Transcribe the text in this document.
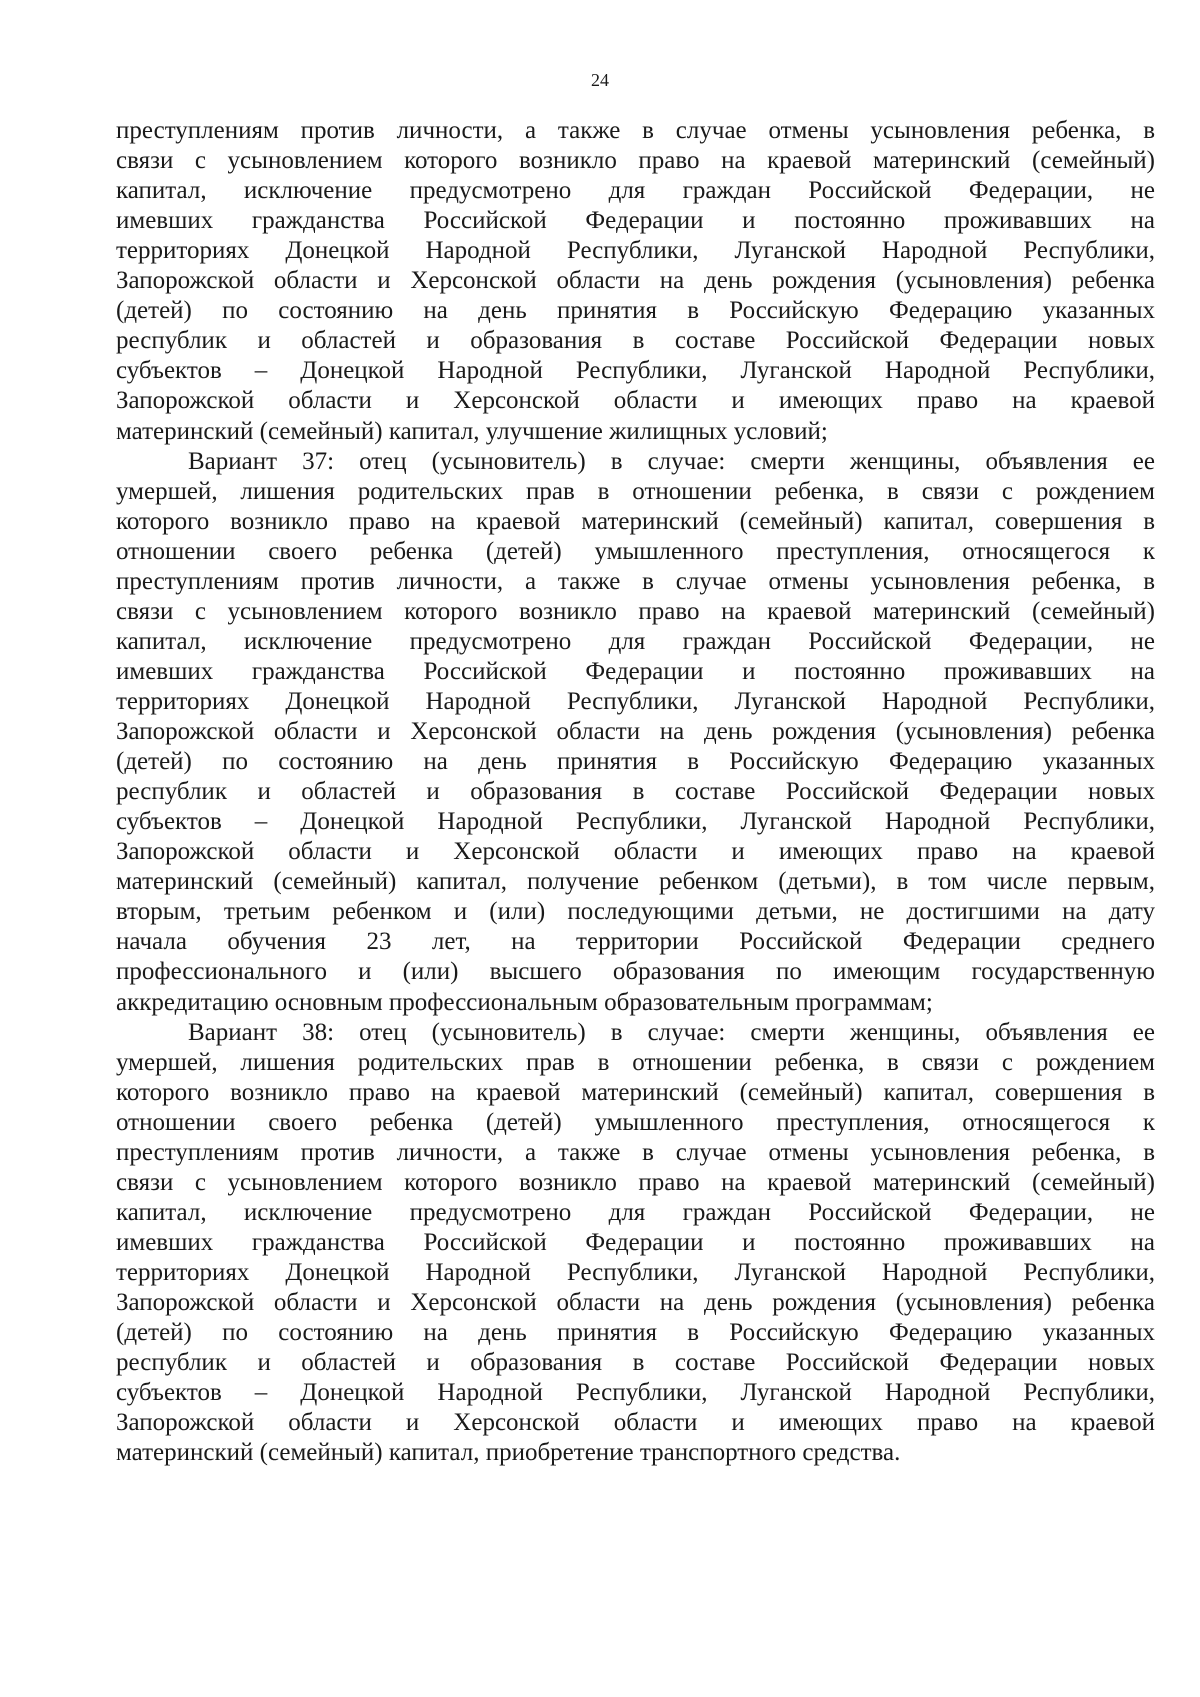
24
преступлениям против личности, а также в случае отмены усыновления ребенка, в
связи с усыновлением которого возникло право на краевой материнский (семейный)
капитал, исключение предусмотрено для граждан Российской Федерации, не
имевших гражданства Российской Федерации и постоянно проживавших на
территориях Донецкой Народной Республики, Луганской Народной Республики,
Запорожской области и Херсонской области на день рождения (усыновления) ребенка
(детей) по состоянию на день принятия в Российскую Федерацию указанных
республик и областей и образования в составе Российской Федерации новых
субъектов – Донецкой Народной Республики, Луганской Народной Республики,
Запорожской области и Херсонской области и имеющих право на краевой
материнский (семейный) капитал, улучшение жилищных условий;
Вариант 37: отец (усыновитель) в случае: смерти женщины, объявления ее
умершей, лишения родительских прав в отношении ребенка, в связи с рождением
которого возникло право на краевой материнский (семейный) капитал, совершения в
отношении своего ребенка (детей) умышленного преступления, относящегося к
преступлениям против личности, а также в случае отмены усыновления ребенка, в
связи с усыновлением которого возникло право на краевой материнский (семейный)
капитал, исключение предусмотрено для граждан Российской Федерации, не
имевших гражданства Российской Федерации и постоянно проживавших на
территориях Донецкой Народной Республики, Луганской Народной Республики,
Запорожской области и Херсонской области на день рождения (усыновления) ребенка
(детей) по состоянию на день принятия в Российскую Федерацию указанных
республик и областей и образования в составе Российской Федерации новых
субъектов – Донецкой Народной Республики, Луганской Народной Республики,
Запорожской области и Херсонской области и имеющих право на краевой
материнский (семейный) капитал, получение ребенком (детьми), в том числе первым,
вторым, третьим ребенком и (или) последующими детьми, не достигшими на дату
начала обучения 23 лет, на территории Российской Федерации среднего
профессионального и (или) высшего образования по имеющим государственную
аккредитацию основным профессиональным образовательным программам;
Вариант 38: отец (усыновитель) в случае: смерти женщины, объявления ее
умершей, лишения родительских прав в отношении ребенка, в связи с рождением
которого возникло право на краевой материнский (семейный) капитал, совершения в
отношении своего ребенка (детей) умышленного преступления, относящегося к
преступлениям против личности, а также в случае отмены усыновления ребенка, в
связи с усыновлением которого возникло право на краевой материнский (семейный)
капитал, исключение предусмотрено для граждан Российской Федерации, не
имевших гражданства Российской Федерации и постоянно проживавших на
территориях Донецкой Народной Республики, Луганской Народной Республики,
Запорожской области и Херсонской области на день рождения (усыновления) ребенка
(детей) по состоянию на день принятия в Российскую Федерацию указанных
республик и областей и образования в составе Российской Федерации новых
субъектов – Донецкой Народной Республики, Луганской Народной Республики,
Запорожской области и Херсонской области и имеющих право на краевой
материнский (семейный) капитал, приобретение транспортного средства.
